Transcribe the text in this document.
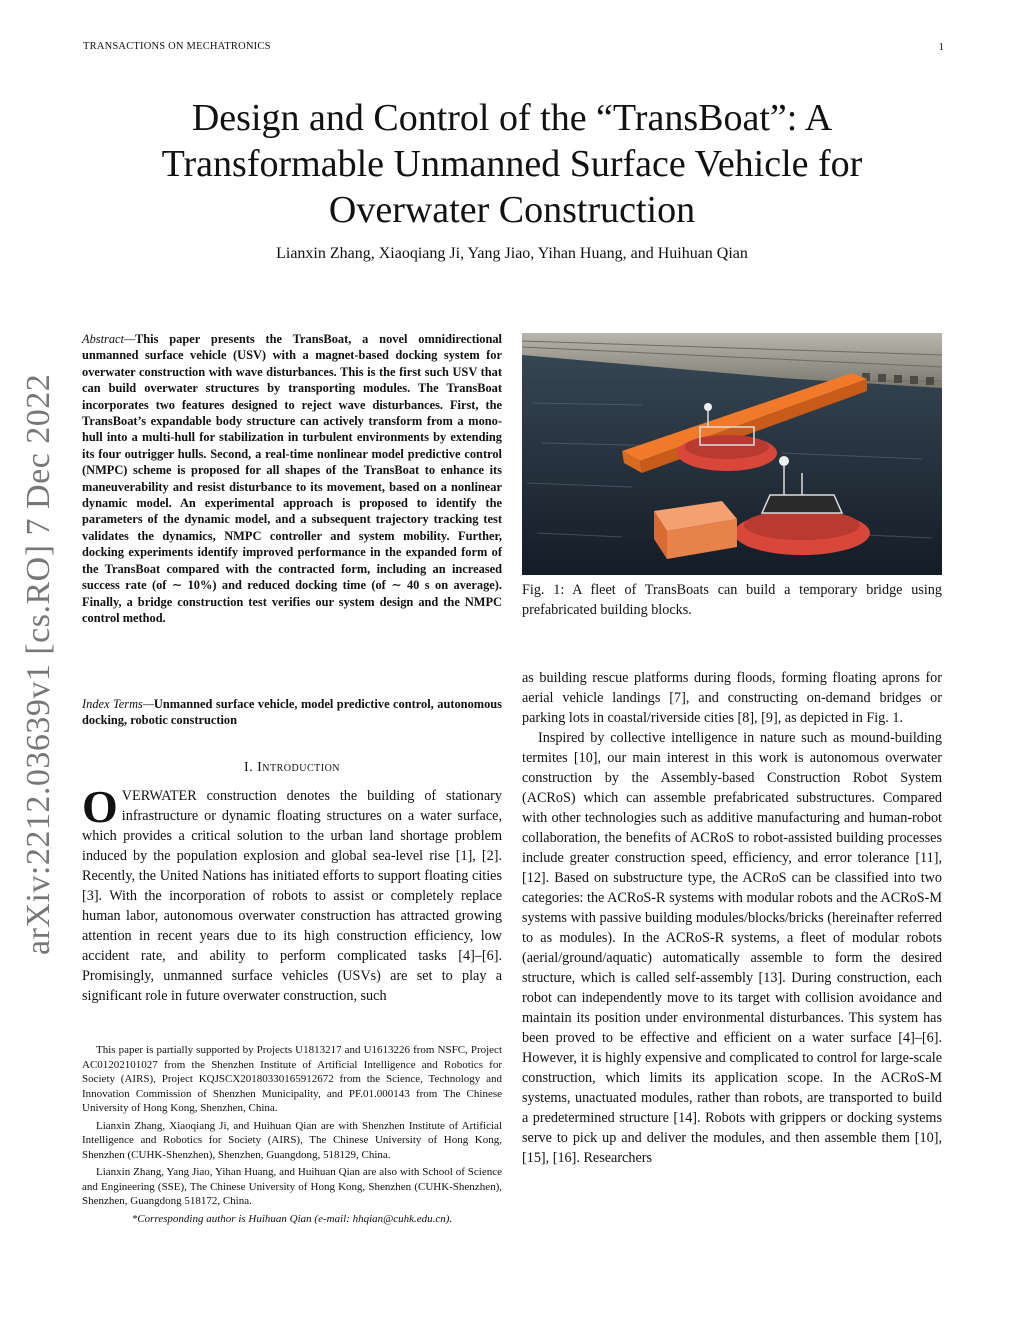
TRANSACTIONS ON MECHATRONICS	1
Design and Control of the “TransBoat”: A
Transformable Unmanned Surface Vehicle for
Overwater Construction
Lianxin Zhang, Xiaoqiang Ji, Yang Jiao, Yihan Huang, and Huihuan Qian
arXiv:2212.03639v1 [cs.RO] 7 Dec 2022
Abstract—This paper presents the TransBoat, a novel omnidirectional unmanned surface vehicle (USV) with a magnet-based docking system for overwater construction with wave disturbances. This is the first such USV that can build overwater structures by transporting modules. The TransBoat incorporates two features designed to reject wave disturbances. First, the TransBoat’s expandable body structure can actively transform from a mono-hull into a multi-hull for stabilization in turbulent environments by extending its four outrigger hulls. Second, a real-time nonlinear model predictive control (NMPC) scheme is proposed for all shapes of the TransBoat to enhance its maneuverability and resist disturbance to its movement, based on a nonlinear dynamic model. An experimental approach is proposed to identify the parameters of the dynamic model, and a subsequent trajectory tracking test validates the dynamics, NMPC controller and system mobility. Further, docking experiments identify improved performance in the expanded form of the TransBoat compared with the contracted form, including an increased success rate (of ∼ 10%) and reduced docking time (of ∼ 40 s on average). Finally, a bridge construction test verifies our system design and the NMPC control method.
Index Terms—Unmanned surface vehicle, model predictive control, autonomous docking, robotic construction
I. Introduction
OVERWATER construction denotes the building of stationary infrastructure or dynamic floating structures on a water surface, which provides a critical solution to the urban land shortage problem induced by the population explosion and global sea-level rise [1], [2]. Recently, the United Nations has initiated efforts to support floating cities [3]. With the incorporation of robots to assist or completely replace human labor, autonomous overwater construction has attracted growing attention in recent years due to its high construction efficiency, low accident rate, and ability to perform complicated tasks [4]–[6]. Promisingly, unmanned surface vehicles (USVs) are set to play a significant role in future overwater construction, such

This paper is partially supported by Projects U1813217 and U1613226 from NSFC, Project AC01202101027 from the Shenzhen Institute of Artificial Intelligence and Robotics for Society (AIRS), Project KQJSCX20180330165912672 from the Science, Technology and Innovation Commission of Shenzhen Municipality, and PF.01.000143 from The Chinese University of Hong Kong, Shenzhen, China.

Lianxin Zhang, Xiaoqiang Ji, and Huihuan Qian are with Shenzhen Institute of Artificial Intelligence and Robotics for Society (AIRS), The Chinese University of Hong Kong, Shenzhen (CUHK-Shenzhen), Shenzhen, Guangdong, 518129, China.

Lianxin Zhang, Yang Jiao, Yihan Huang, and Huihuan Qian are also with School of Science and Engineering (SSE), The Chinese University of Hong Kong, Shenzhen (CUHK-Shenzhen), Shenzhen, Guangdong 518172, China.

*Corresponding author is Huihuan Qian (e-mail: hhqian@cuhk.edu.cn).

Fig. 1: A fleet of TransBoats can build a temporary bridge using prefabricated building blocks.

as building rescue platforms during floods, forming floating aprons for aerial vehicle landings [7], and constructing on-demand bridges or parking lots in coastal/riverside cities [8], [9], as depicted in Fig. 1.

Inspired by collective intelligence in nature such as mound-building termites [10], our main interest in this work is autonomous overwater construction by the Assembly-based Construction Robot System (ACRoS) which can assemble prefabricated substructures. Compared with other technologies such as additive manufacturing and human-robot collaboration, the benefits of ACRoS to robot-assisted building processes include greater construction speed, efficiency, and error tolerance [11], [12]. Based on substructure type, the ACRoS can be classified into two categories: the ACRoS-R systems with modular robots and the ACRoS-M systems with passive building modules/blocks/bricks (hereinafter referred to as modules). In the ACRoS-R systems, a fleet of modular robots (aerial/ground/aquatic) automatically assemble to form the desired structure, which is called self-assembly [13]. During construction, each robot can independently move to its target with collision avoidance and maintain its position under environmental disturbances. This system has been proved to be effective and efficient on a water surface [4]–[6]. However, it is highly expensive and complicated to control for large-scale construction, which limits its application scope. In the ACRoS-M systems, unactuated modules, rather than robots, are transported to build a predetermined structure [14]. Robots with grippers or docking systems serve to pick up and deliver the modules, and then assemble them [10], [15], [16]. Researchers
